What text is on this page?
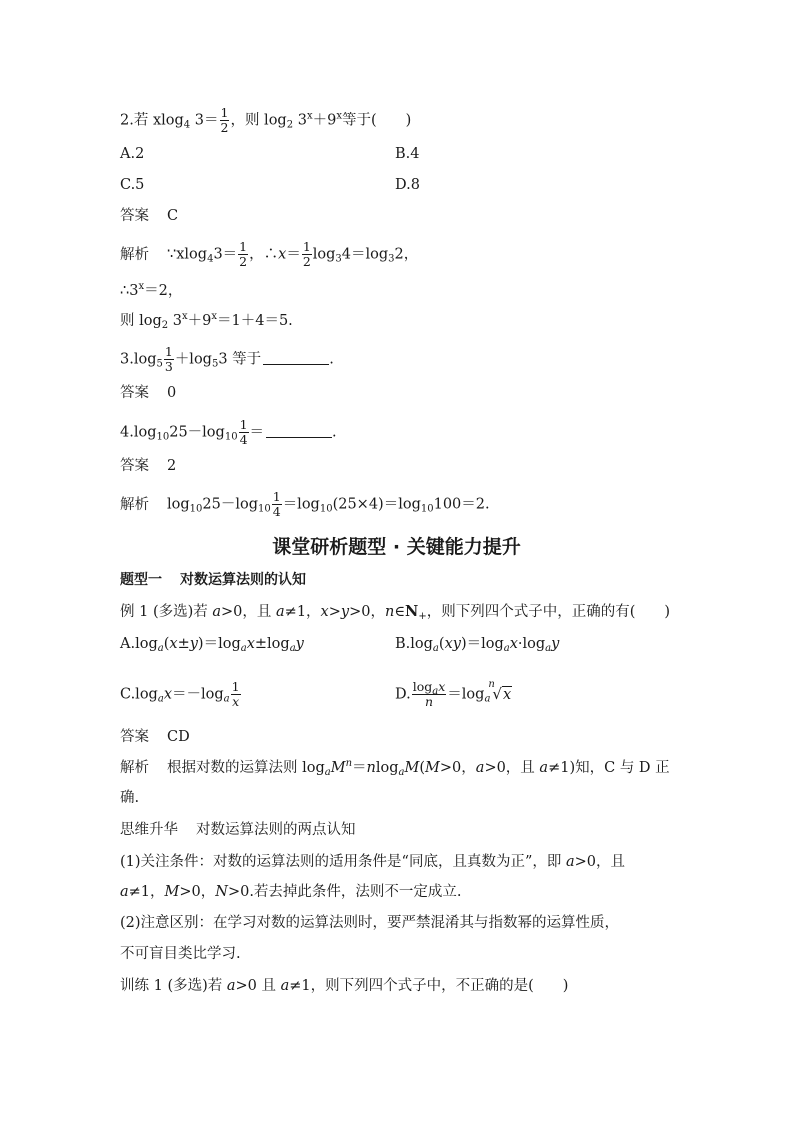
2.若 xlog$_4$ $3= \frac{1}{2}$ ，则 $\log_2 3^x+9^x$等于(　　)
A.2	B.4
C.5	D.8
答案 C
解析 ∵xlog$_4$3＝ $\frac{1}{2}$ ，∴x＝ $\frac{1}{2} \log_34=\log_32$，
$\therefore 3^x=2$，
则 $\log_2 3^x+9^x=1+4=5$.
$3.\log_5 \frac{1}{3} +\log_53$ 等于	.
答案 0
$4.\log_{10}25-\log_{10} \frac{1}{4}$ ＝	.
答案 2
解析 $\log_{10}25-\log_{10} \frac{1}{4} =\log_{10}(25\times 4)=\log_{10}100=2$.
课堂研析题型 · 关键能力提升
题型一 对数运算法则的认知
例 1 (多选)若 a>0，且 a≠1，x>y>0，$n\in N_+$，则下列四个式子中，正确的有(　　)
$A.\log_a(x\pm y)=\log_ax\pm\log_ay$	$B.\log_a(xy)=\log_ax\cdot\log_ay$
$C.\log_ax=-\log_a \frac{1}{x}$	D. $\frac{\log_ax}{n} =\log_a$
n
√x
答案 CD
解析 根据对数的运算法则 $\log_aM^n=nlog_aM(M>0$，a>0，且 a≠1)知，C 与 D 正
确.
思维升华 对数运算法则的两点认知
(1)关注条件：对数的运算法则的适用条件是“同底，且真数为正”，即 a>0，且
a≠1，M>0，N>0.若去掉此条件，法则不一定成立.
(2)注意区别：在学习对数的运算法则时，要严禁混淆其与指数幂的运算性质，
不可盲目类比学习.
训练 1 (多选)若 a>0 且 a≠1，则下列四个式子中，不正确的是(　　)
